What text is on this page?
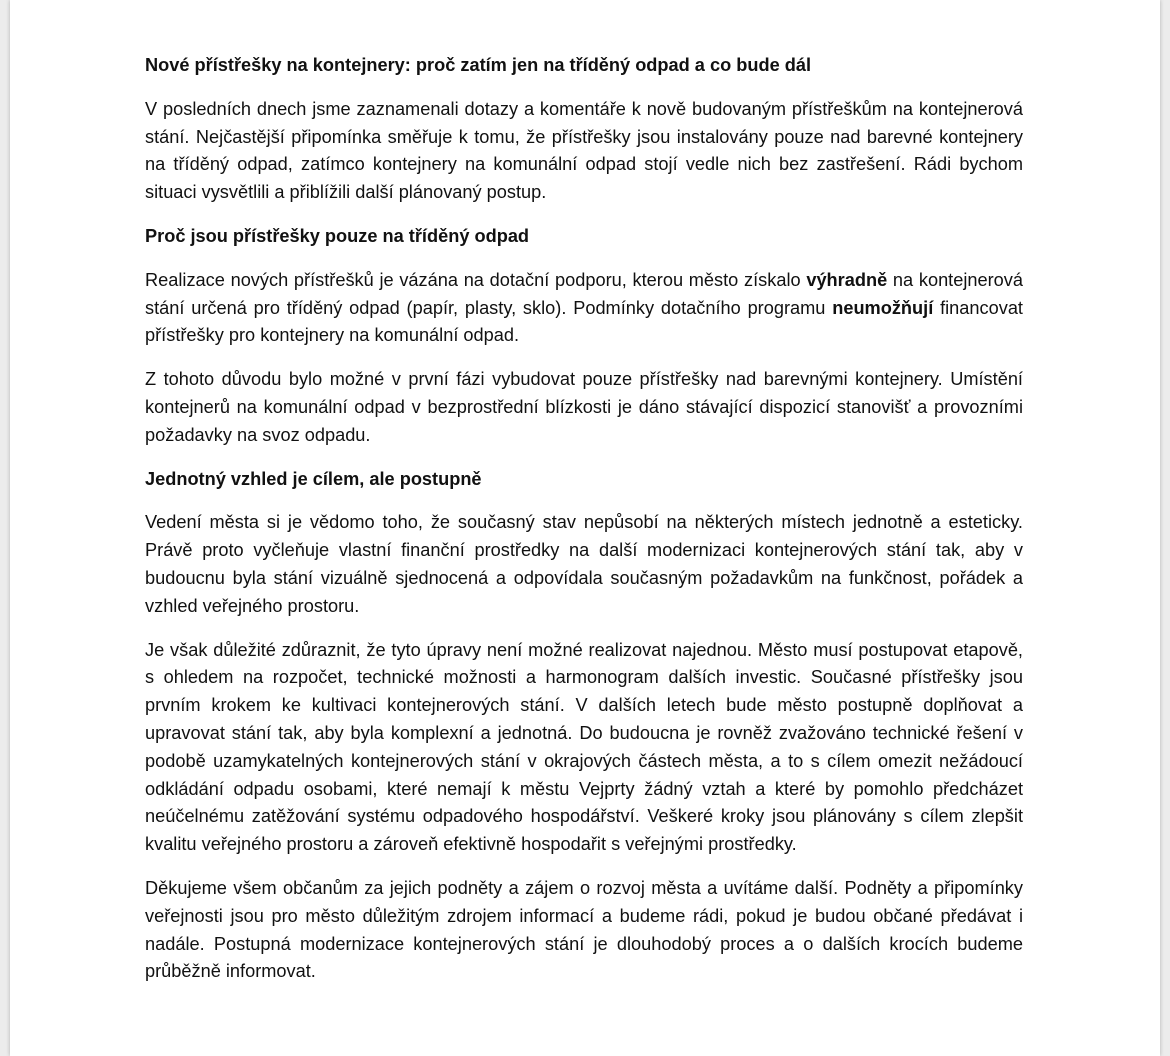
Nové přístřešky na kontejnery: proč zatím jen na tříděný odpad a co bude dál

V posledních dnech jsme zaznamenali dotazy a komentáře k nově budovaným přístřeškům na kontejnerová stání. Nejčastější připomínka směřuje k tomu, že přístřešky jsou instalovány pouze nad barevné kontejnery na tříděný odpad, zatímco kontejnery na komunální odpad stojí vedle nich bez zastřešení. Rádi bychom situaci vysvětlili a přiblížili další plánovaný postup.

Proč jsou přístřešky pouze na tříděný odpad

Realizace nových přístřešků je vázána na dotační podporu, kterou město získalo výhradně na kontejnerová stání určená pro tříděný odpad (papír, plasty, sklo). Podmínky dotačního programu neumožňují financovat přístřešky pro kontejnery na komunální odpad.

Z tohoto důvodu bylo možné v první fázi vybudovat pouze přístřešky nad barevnými kontejnery. Umístění kontejnerů na komunální odpad v bezprostřední blízkosti je dáno stávající dispozicí stanovišť a provozními požadavky na svoz odpadu.

Jednotný vzhled je cílem, ale postupně

Vedení města si je vědomo toho, že současný stav nepůsobí na některých místech jednotně a esteticky. Právě proto vyčleňuje vlastní finanční prostředky na další modernizaci kontejnerových stání tak, aby v budoucnu byla stání vizuálně sjednocená a odpovídala současným požadavkům na funkčnost, pořádek a vzhled veřejného prostoru.

Je však důležité zdůraznit, že tyto úpravy není možné realizovat najednou. Město musí postupovat etapově, s ohledem na rozpočet, technické možnosti a harmonogram dalších investic. Současné přístřešky jsou prvním krokem ke kultivaci kontejnerových stání. V dalších letech bude město postupně doplňovat a upravovat stání tak, aby byla komplexní a jednotná. Do budoucna je rovněž zvažováno technické řešení v podobě uzamykatelných kontejnerových stání v okrajových částech města, a to s cílem omezit nežádoucí odkládání odpadu osobami, které nemají k městu Vejprty žádný vztah a které by pomohlo předcházet neúčelnému zatěžování systému odpadového hospodářství. Veškeré kroky jsou plánovány s cílem zlepšit kvalitu veřejného prostoru a zároveň efektivně hospodařit s veřejnými prostředky.

Děkujeme všem občanům za jejich podněty a zájem o rozvoj města a uvítáme další. Podněty a připomínky veřejnosti jsou pro město důležitým zdrojem informací a budeme rádi, pokud je budou občané předávat i nadále. Postupná modernizace kontejnerových stání je dlouhodobý proces a o dalších krocích budeme průběžně informovat.
